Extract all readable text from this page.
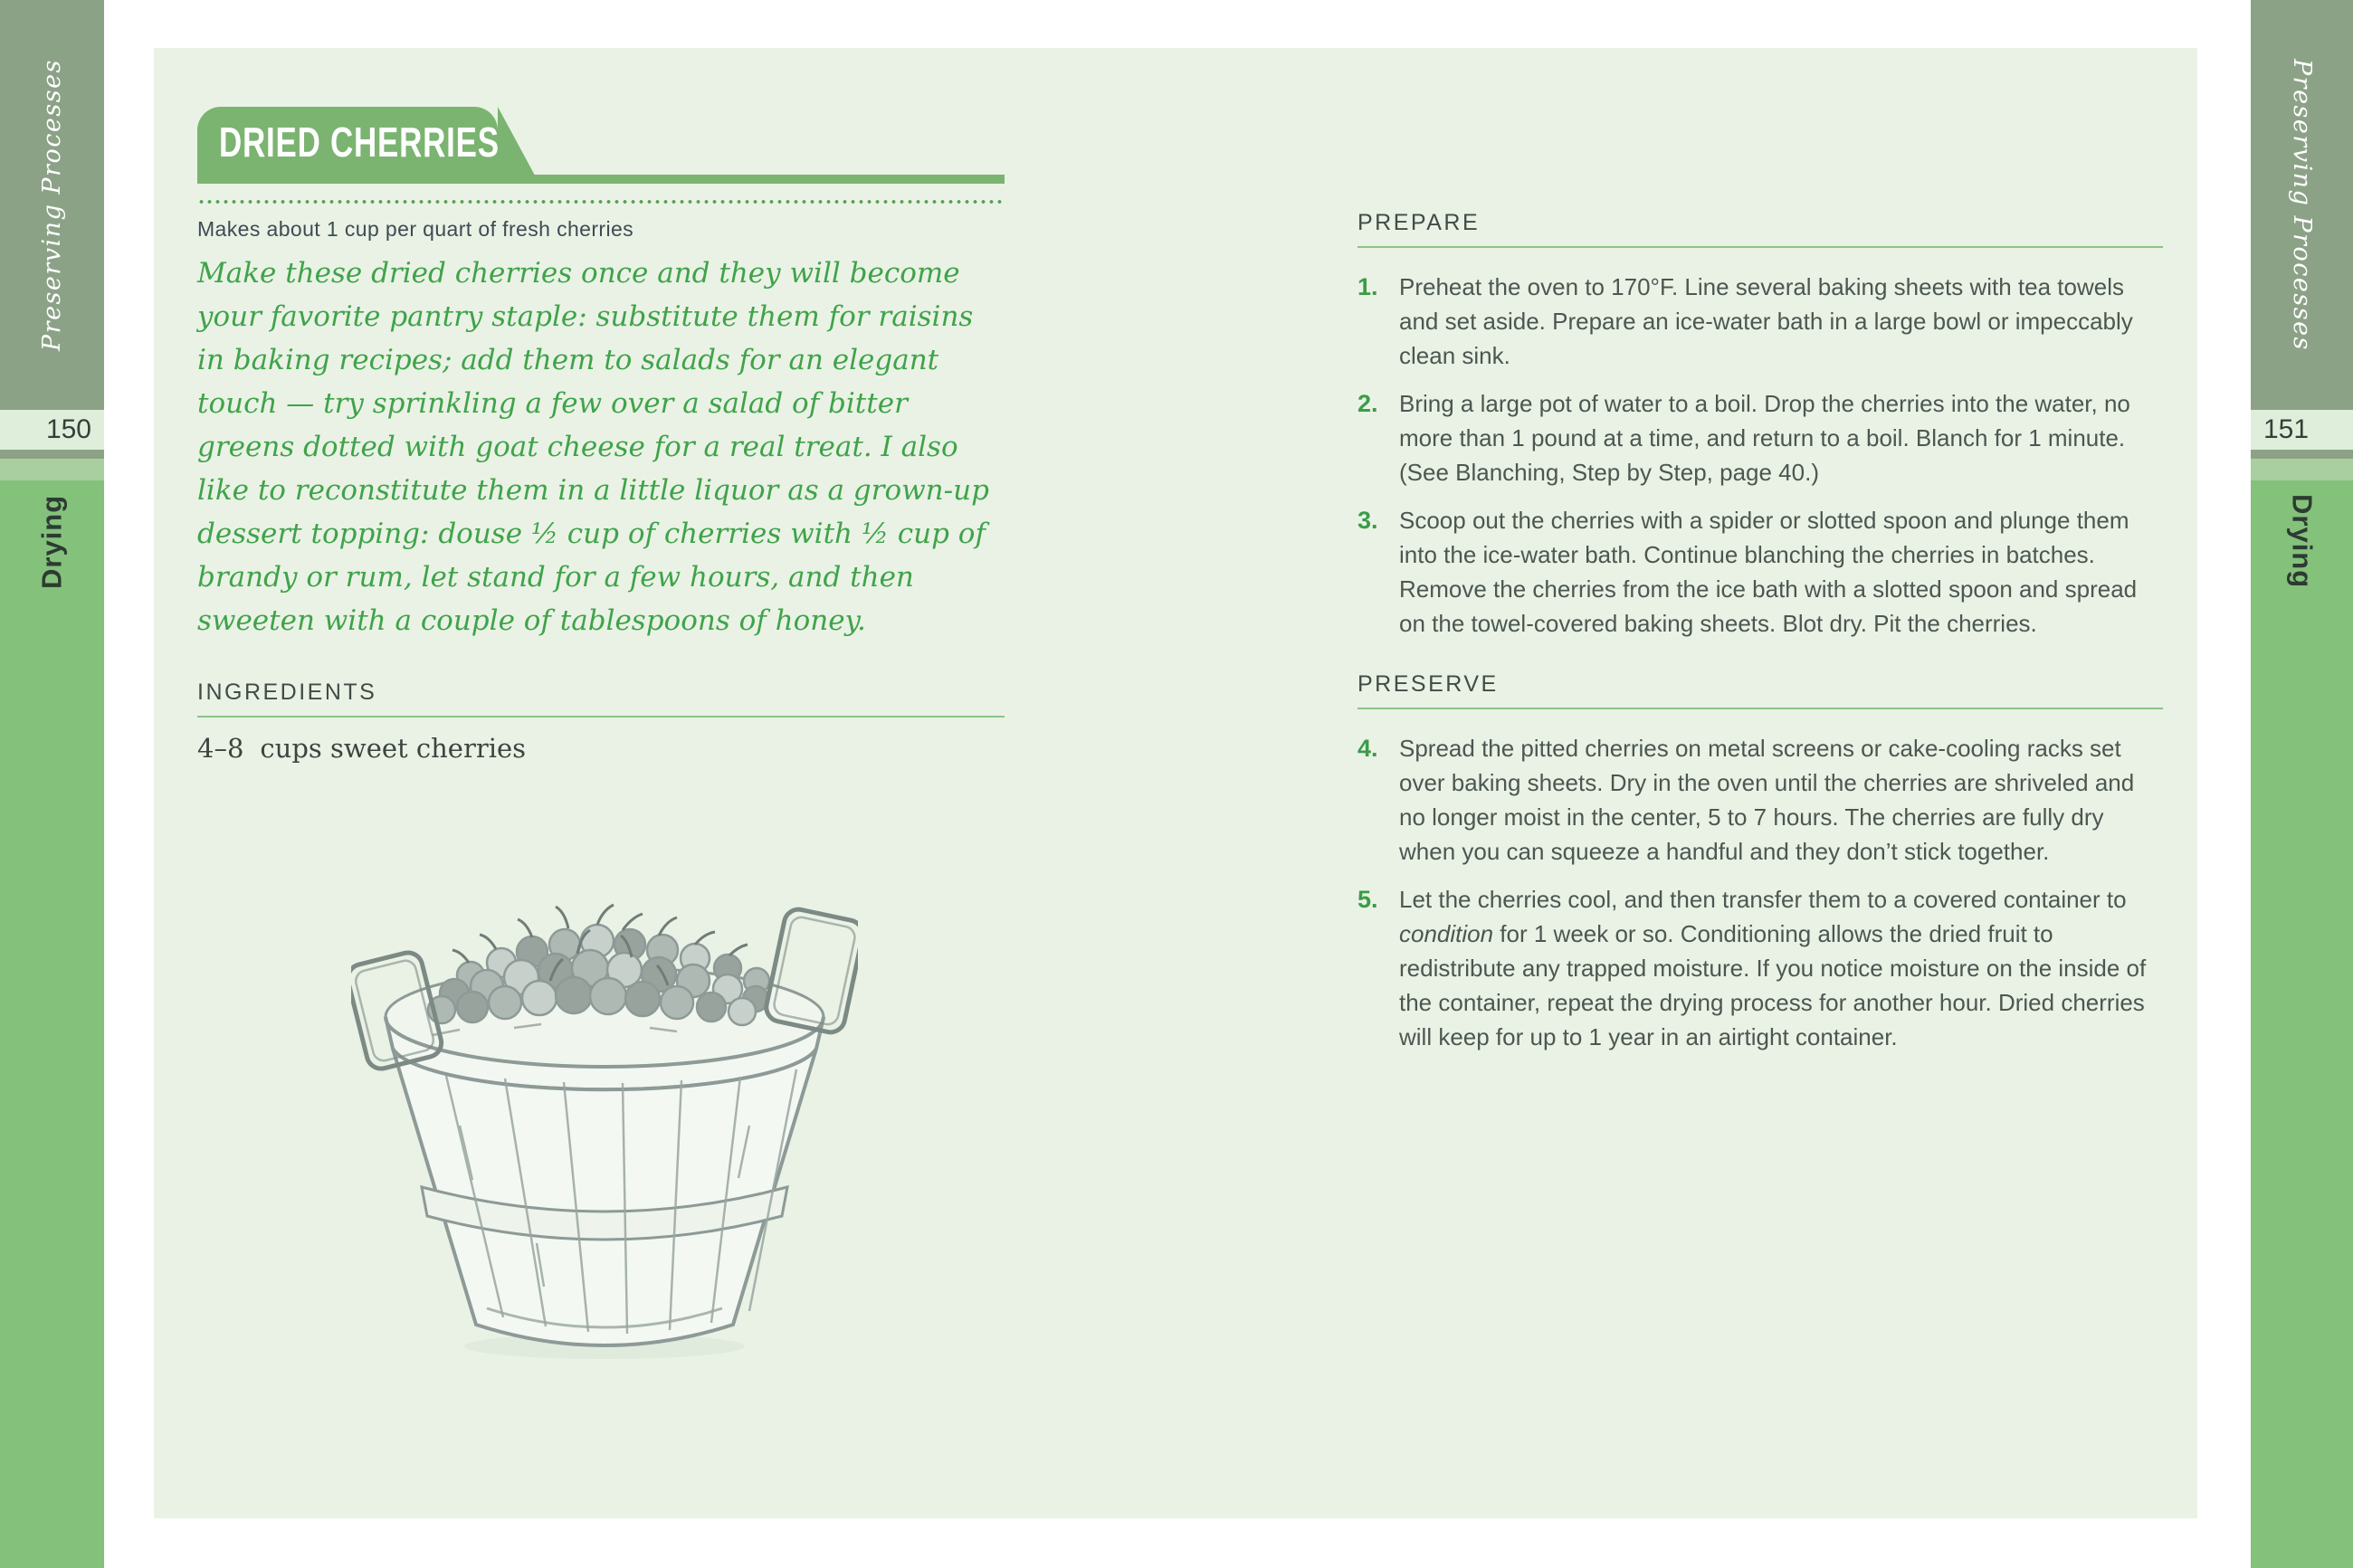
Preserving Processes
150
Drying
Preserving Processes
151
Drying
DRIED CHERRIES
Makes about 1 cup per quart of fresh cherries
Make these dried cherries once and they will become your favorite pantry staple: substitute them for raisins in baking recipes; add them to salads for an elegant touch — try sprinkling a few over a salad of bitter greens dotted with goat cheese for a real treat. I also like to reconstitute them in a little liquor as a grown-up dessert topping: douse ½ cup of cherries with ½ cup of brandy or rum, let stand for a few hours, and then sweeten with a couple of tablespoons of honey.
INGREDIENTS
4–8 cups sweet cherries
PREPARE
1. Preheat the oven to 170°F. Line several baking sheets with tea towels and set aside. Prepare an ice-water bath in a large bowl or impeccably clean sink.
2. Bring a large pot of water to a boil. Drop the cherries into the water, no more than 1 pound at a time, and return to a boil. Blanch for 1 minute. (See Blanching, Step by Step, page 40.)
3. Scoop out the cherries with a spider or slotted spoon and plunge them into the ice-water bath. Continue blanching the cherries in batches. Remove the cherries from the ice bath with a slotted spoon and spread on the towel-covered baking sheets. Blot dry. Pit the cherries.
PRESERVE
4. Spread the pitted cherries on metal screens or cake-cooling racks set over baking sheets. Dry in the oven until the cherries are shriveled and no longer moist in the center, 5 to 7 hours. The cherries are fully dry when you can squeeze a handful and they don’t stick together.
5. Let the cherries cool, and then transfer them to a covered container to condition for 1 week or so. Conditioning allows the dried fruit to redistribute any trapped moisture. If you notice moisture on the inside of the container, repeat the drying process for another hour. Dried cherries will keep for up to 1 year in an airtight container.
